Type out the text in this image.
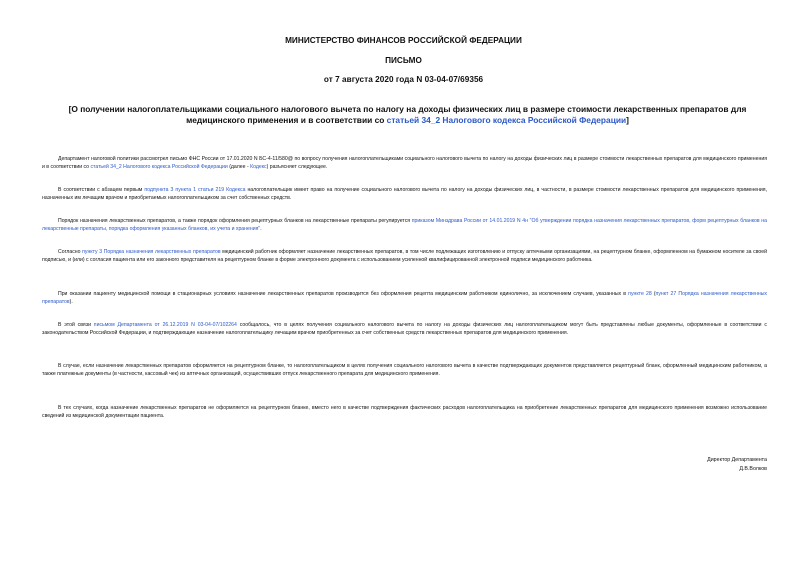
МИНИСТЕРСТВО ФИНАНСОВ РОССИЙСКОЙ ФЕДЕРАЦИИ
ПИСЬМО
от 7 августа 2020 года N 03-04-07/69356
[О получении налогоплательщиками социального налогового вычета по налогу на доходы физических лиц в размере стоимости лекарственных препаратов для медицинского применения и в соответствии со статьей 34_2 Налогового кодекса Российской Федерации]

Департамент налоговой политики рассмотрел письмо ФНС России от 17.01.2020 N БС-4-11/580@ по вопросу получения налогоплательщиками социального налогового вычета по налогу на доходы физических лиц в размере стоимости лекарственных препаратов для медицинского применения и в соответствии со статьей 34_2 Налогового кодекса Российской Федерации (далее - Кодекс) разъясняет следующее.

В соответствии с абзацем первым подпункта 3 пункта 1 статьи 219 Кодекса налогоплательщик имеет право на получение социального налогового вычета по налогу на доходы физических лиц, в частности, в размере стоимости лекарственных препаратов для медицинского применения, назначенных им лечащим врачом и приобретаемых налогоплательщиком за счет собственных средств.

Порядок назначения лекарственных препаратов, а также порядок оформления рецептурных бланков на лекарственные препараты регулируется приказом Минздрава России от 14.01.2019 N 4н "Об утверждении порядка назначения лекарственных препаратов, форм рецептурных бланков на лекарственные препараты, порядка оформления указанных бланков, их учета и хранения".

Согласно пункту 3 Порядка назначения лекарственных препаратов медицинский работник оформляет назначение лекарственных препаратов, в том числе подлежащих изготовлению и отпуску аптечными организациями, на рецептурном бланке, оформленном на бумажном носителе за своей подписью, и (или) с согласия пациента или его законного представителя на рецептурном бланке в форме электронного документа с использованием усиленной квалифицированной электронной подписи медицинского работника.

При оказании пациенту медицинской помощи в стационарных условиях назначение лекарственных препаратов производится без оформления рецепта медицинским работником единолично, за исключением случаев, указанных в пункте 28 (пункт 27 Порядка назначения лекарственных препаратов).

В этой связи письмом Департамента от 26.12.2019 N 03-04-07/102264 сообщалось, что в целях получения социального налогового вычета по налогу на доходы физических лиц налогоплательщиком могут быть представлены любые документы, оформленные в соответствии с законодательством Российской Федерации, и подтверждающие назначение налогоплательщику лечащим врачом приобретенных за счет собственных средств лекарственных препаратов для медицинского применения.

В случае, если назначение лекарственных препаратов оформляется на рецептурном бланке, то налогоплательщиком в целях получения социального налогового вычета в качестве подтверждающих документов представляется рецептурный бланк, оформленный медицинским работником, а также платежные документы (в частности, кассовый чек) из аптечных организаций, осуществивших отпуск лекарственного препарата для медицинского применения.

В тех случаях, когда назначение лекарственных препаратов не оформляется на рецептурном бланке, вместо него в качестве подтверждения фактических расходов налогоплательщика на приобретение лекарственных препаратов для медицинского применения возможно использование сведений из медицинской документации пациента.

Директор Департамента
Д.В.Волков
